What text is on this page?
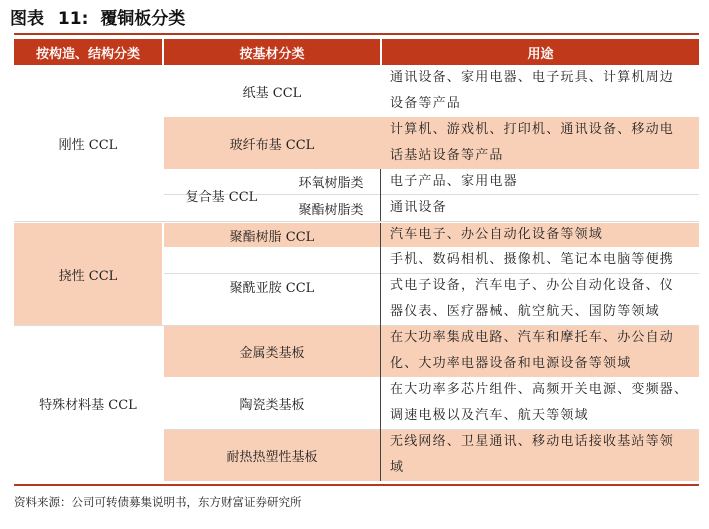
图表 11: 覆铜板分类
按构造、结构分类	按基材分类	用途
刚性 CCL
挠性 CCL
特殊材料基 CCL
纸基 CCL
玻纤布基 CCL
复合基 CCL
环氧树脂类
聚酯树脂类
聚酯树脂 CCL
聚酰亚胺 CCL
金属类基板
陶瓷类基板
耐热热塑性基板
通讯设备、家用电器、电子玩具、计算机周边
设备等产品
计算机、游戏机、打印机、通讯设备、移动电
话基站设备等产品
电子产品、家用电器
通讯设备
汽车电子、办公自动化设备等领域
手机、数码相机、摄像机、笔记本电脑等便携
式电子设备，汽车电子、办公自动化设备、仪
器仪表、医疗器械、航空航天、国防等领域
在大功率集成电路、汽车和摩托车、办公自动
化、大功率电器设备和电源设备等领域
在大功率多芯片组件、高频开关电源、变频器、
调速电极以及汽车、航天等领域
无线网络、卫星通讯、移动电话接收基站等领
域
资料来源：公司可转债募集说明书，东方财富证券研究所
